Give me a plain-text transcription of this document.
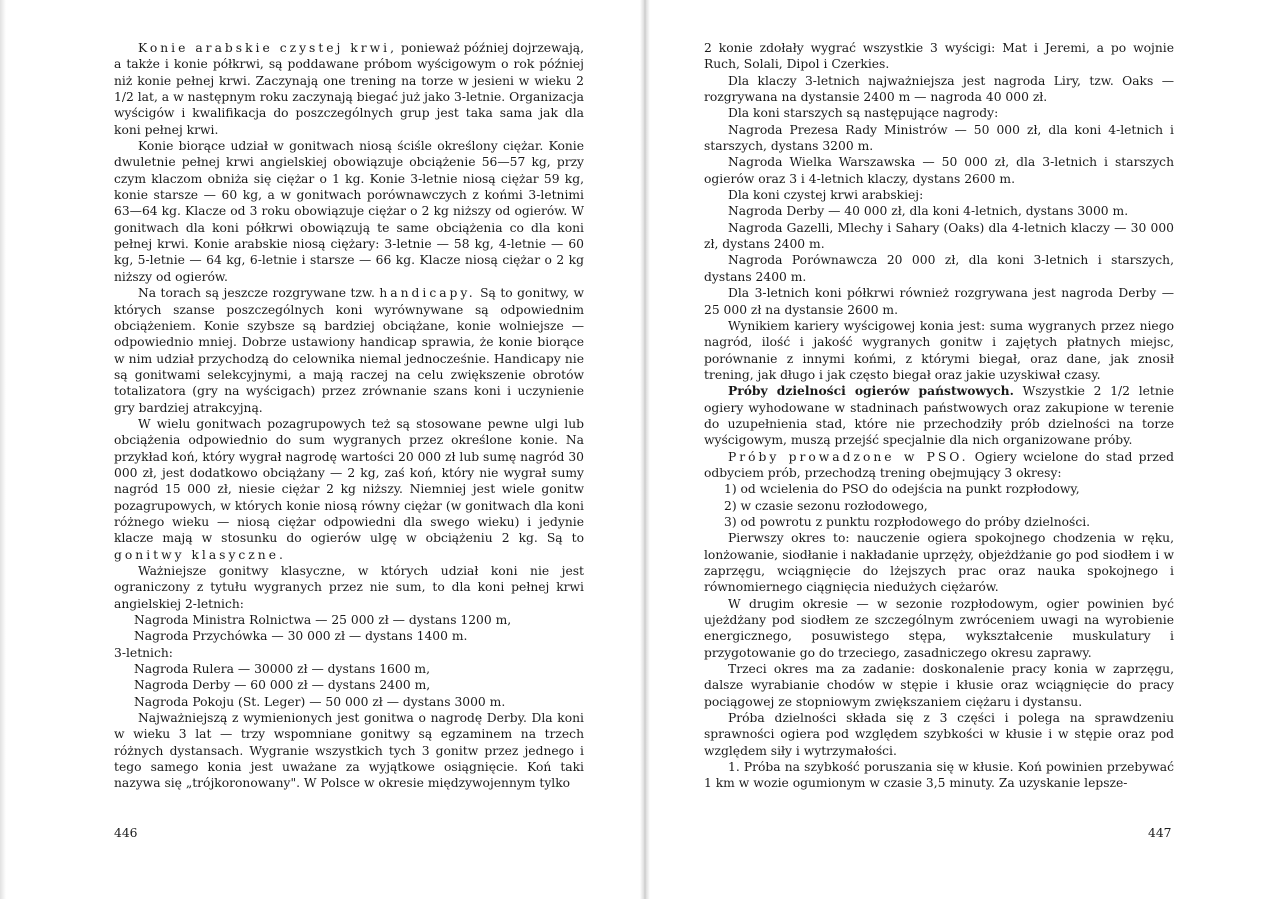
Konie arabskie czystej krwi, ponieważ później dojrzewają, a także i konie półkrwi, są poddawane próbom wyścigowym o rok później niż konie pełnej krwi. Zaczynają one trening na torze w jesieni w wieku 2 1/2 lat, a w następnym roku zaczynają biegać już jako 3-letnie. Organizacja wyścigów i kwalifikacja do poszczególnych grup jest taka sama jak dla koni pełnej krwi.

Konie biorące udział w gonitwach niosą ściśle określony ciężar. Konie dwuletnie pełnej krwi angielskiej obowiązuje obciążenie 56—57 kg, przy czym klaczom obniża się ciężar o 1 kg. Konie 3-letnie niosą ciężar 59 kg, konie starsze — 60 kg, a w gonitwach porównawczych z końmi 3-letnimi 63—64 kg. Klacze od 3 roku obowiązuje ciężar o 2 kg niższy od ogierów. W gonitwach dla koni półkrwi obowiązują te same obciążenia co dla koni pełnej krwi. Konie arabskie niosą ciężary: 3-letnie — 58 kg, 4-letnie — 60 kg, 5-letnie — 64 kg, 6-letnie i starsze — 66 kg. Klacze niosą ciężar o 2 kg niższy od ogierów.

Na torach są jeszcze rozgrywane tzw. handicapy. Są to gonitwy, w których szanse poszczególnych koni wyrównywane są odpowiednim obciążeniem. Konie szybsze są bardziej obciążane, konie wolniejsze — odpowiednio mniej. Dobrze ustawiony handicap sprawia, że konie biorące w nim udział przychodzą do celownika niemal jednocześnie. Handicapy nie są gonitwami selekcyjnymi, a mają raczej na celu zwiększenie obrotów totalizatora (gry na wyścigach) przez zrównanie szans koni i uczynienie gry bardziej atrakcyjną.

W wielu gonitwach pozagrupowych też są stosowane pewne ulgi lub obciążenia odpowiednio do sum wygranych przez określone konie. Na przykład koń, który wygrał nagrodę wartości 20 000 zł lub sumę nagród 30 000 zł, jest dodatkowo obciążany — 2 kg, zaś koń, który nie wygrał sumy nagród 15 000 zł, niesie ciężar 2 kg niższy. Niemniej jest wiele gonitw pozagrupowych, w których konie niosą równy ciężar (w gonitwach dla koni różnego wieku — niosą ciężar odpowiedni dla swego wieku) i jedynie klacze mają w stosunku do ogierów ulgę w obciążeniu 2 kg. Są to gonitwy klasyczne.

Ważniejsze gonitwy klasyczne, w których udział koni nie jest ograniczony z tytułu wygranych przez nie sum, to dla koni pełnej krwi angielskiej 2-letnich:

Nagroda Ministra Rolnictwa — 25 000 zł — dystans 1200 m,

Nagroda Przychówka — 30 000 zł — dystans 1400 m.

3-letnich:

Nagroda Rulera — 30000 zł — dystans 1600 m,

Nagroda Derby — 60 000 zł — dystans 2400 m,

Nagroda Pokoju (St. Leger) — 50 000 zł — dystans 3000 m.

Najważniejszą z wymienionych jest gonitwa o nagrodę Derby. Dla koni w wieku 3 lat — trzy wspomniane gonitwy są egzaminem na trzech różnych dystansach. Wygranie wszystkich tych 3 gonitw przez jednego i tego samego konia jest uważane za wyjątkowe osiągnięcie. Koń taki nazywa się „trójkoronowany". W Polsce w okresie międzywojennym tylko

446

2 konie zdołały wygrać wszystkie 3 wyścigi: Mat i Jeremi, a po wojnie Ruch, Solali, Dipol i Czerkies.

Dla klaczy 3-letnich najważniejsza jest nagroda Liry, tzw. Oaks — rozgrywana na dystansie 2400 m — nagroda 40 000 zł.

Dla koni starszych są następujące nagrody:

Nagroda Prezesa Rady Ministrów — 50 000 zł, dla koni 4-letnich i starszych, dystans 3200 m.

Nagroda Wielka Warszawska — 50 000 zł, dla 3-letnich i starszych ogierów oraz 3 i 4-letnich klaczy, dystans 2600 m.

Dla koni czystej krwi arabskiej:

Nagroda Derby — 40 000 zł, dla koni 4-letnich, dystans 3000 m.

Nagroda Gazelli, Mlechy i Sahary (Oaks) dla 4-letnich klaczy — 30 000 zł, dystans 2400 m.

Nagroda Porównawcza 20 000 zł, dla koni 3-letnich i starszych, dystans 2400 m.

Dla 3-letnich koni półkrwi również rozgrywana jest nagroda Derby — 25 000 zł na dystansie 2600 m.

Wynikiem kariery wyścigowej konia jest: suma wygranych przez niego nagród, ilość i jakość wygranych gonitw i zajętych płatnych miejsc, porównanie z innymi końmi, z którymi biegał, oraz dane, jak znosił trening, jak długo i jak często biegał oraz jakie uzyskiwał czasy.

Próby dzielności ogierów państwowych. Wszystkie 2 1/2 letnie ogiery wyhodowane w stadninach państwowych oraz zakupione w terenie do uzupełnienia stad, które nie przechodziły prób dzielności na torze wyścigowym, muszą przejść specjalnie dla nich organizowane próby.

Próby prowadzone w PSO. Ogiery wcielone do stad przed odbyciem prób, przechodzą trening obejmujący 3 okresy:

1) od wcielenia do PSO do odejścia na punkt rozpłodowy,

2) w czasie sezonu rozłodowego,

3) od powrotu z punktu rozpłodowego do próby dzielności.

Pierwszy okres to: nauczenie ogiera spokojnego chodzenia w ręku, lonżowanie, siodłanie i nakładanie uprzęży, objeżdżanie go pod siodłem i w zaprzęgu, wciągnięcie do lżejszych prac oraz nauka spokojnego i równomiernego ciągnięcia niedużych ciężarów.

W drugim okresie — w sezonie rozpłodowym, ogier powinien być ujeżdżany pod siodłem ze szczególnym zwróceniem uwagi na wyrobienie energicznego, posuwistego stępa, wykształcenie muskulatury i przygotowanie go do trzeciego, zasadniczego okresu zaprawy.

Trzeci okres ma za zadanie: doskonalenie pracy konia w zaprzęgu, dalsze wyrabianie chodów w stępie i kłusie oraz wciągnięcie do pracy pociągowej ze stopniowym zwiększaniem ciężaru i dystansu.

Próba dzielności składa się z 3 części i polega na sprawdzeniu sprawności ogiera pod względem szybkości w kłusie i w stępie oraz pod względem siły i wytrzymałości.

1. Próba na szybkość poruszania się w kłusie. Koń powinien przebywać 1 km w wozie ogumionym w czasie 3,5 minuty. Za uzyskanie lepsze-

447
